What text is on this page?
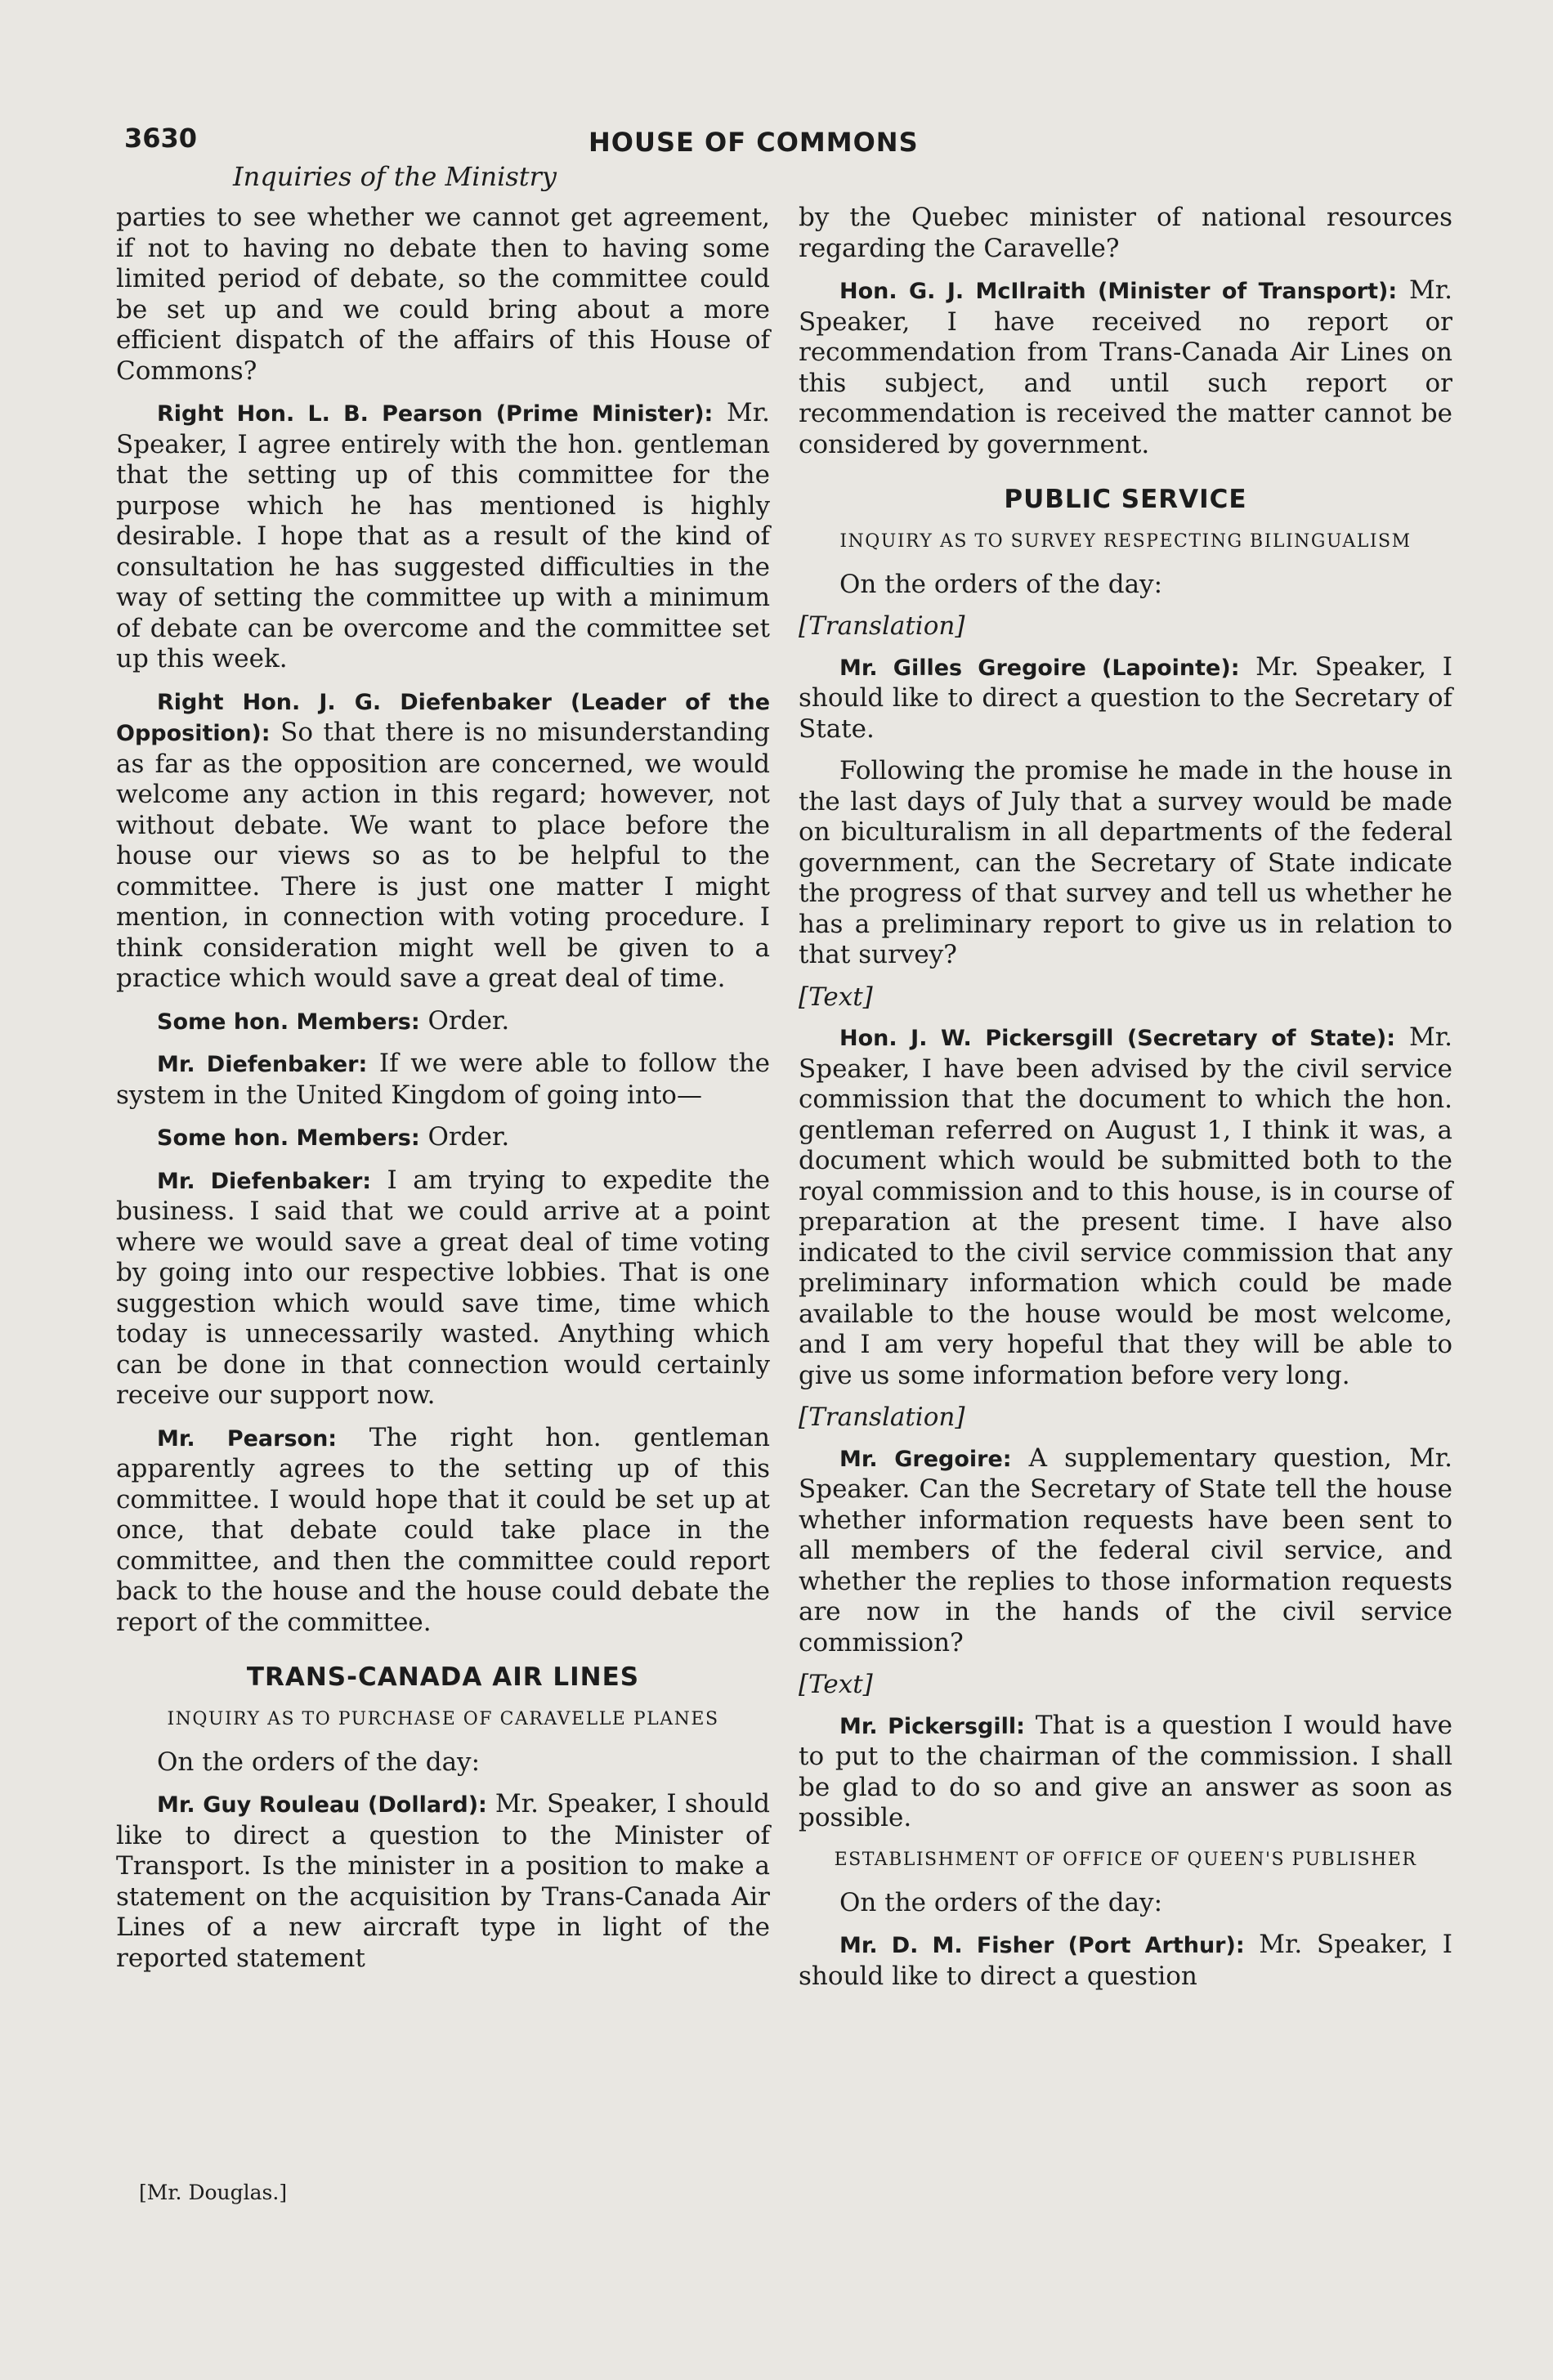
3630	HOUSE OF COMMONS
Inquiries of the Ministry

parties to see whether we cannot get agreement, if not to having no debate then to having some limited period of debate, so the committee could be set up and we could bring about a more efficient dispatch of the affairs of this House of Commons?

Right Hon. L. B. Pearson (Prime Minister): Mr. Speaker, I agree entirely with the hon. gentleman that the setting up of this committee for the purpose which he has mentioned is highly desirable. I hope that as a result of the kind of consultation he has suggested difficulties in the way of setting the committee up with a minimum of debate can be overcome and the committee set up this week.

Right Hon. J. G. Diefenbaker (Leader of the Opposition): So that there is no misunderstanding as far as the opposition are concerned, we would welcome any action in this regard; however, not without debate. We want to place before the house our views so as to be helpful to the committee. There is just one matter I might mention, in connection with voting procedure. I think consideration might well be given to a practice which would save a great deal of time.

Some hon. Members: Order.

Mr. Diefenbaker: If we were able to follow the system in the United Kingdom of going into—

Some hon. Members: Order.

Mr. Diefenbaker: I am trying to expedite the business. I said that we could arrive at a point where we would save a great deal of time voting by going into our respective lobbies. That is one suggestion which would save time, time which today is unnecessarily wasted. Anything which can be done in that connection would certainly receive our support now.

Mr. Pearson: The right hon. gentleman apparently agrees to the setting up of this committee. I would hope that it could be set up at once, that debate could take place in the committee, and then the committee could report back to the house and the house could debate the report of the committee.

TRANS-CANADA AIR LINES
INQUIRY AS TO PURCHASE OF CARAVELLE PLANES

On the orders of the day:

Mr. Guy Rouleau (Dollard): Mr. Speaker, I should like to direct a question to the Minister of Transport. Is the minister in a position to make a statement on the acquisition by Trans-Canada Air Lines of a new aircraft type in light of the reported statement

by the Quebec minister of national resources regarding the Caravelle?

Hon. G. J. McIlraith (Minister of Transport): Mr. Speaker, I have received no report or recommendation from Trans-Canada Air Lines on this subject, and until such report or recommendation is received the matter cannot be considered by government.

PUBLIC SERVICE
INQUIRY AS TO SURVEY RESPECTING BILINGUALISM

On the orders of the day:

[Translation]

Mr. Gilles Gregoire (Lapointe): Mr. Speaker, I should like to direct a question to the Secretary of State.

Following the promise he made in the house in the last days of July that a survey would be made on biculturalism in all departments of the federal government, can the Secretary of State indicate the progress of that survey and tell us whether he has a preliminary report to give us in relation to that survey?

[Text]

Hon. J. W. Pickersgill (Secretary of State): Mr. Speaker, I have been advised by the civil service commission that the document to which the hon. gentleman referred on August 1, I think it was, a document which would be submitted both to the royal commission and to this house, is in course of preparation at the present time. I have also indicated to the civil service commission that any preliminary information which could be made available to the house would be most welcome, and I am very hopeful that they will be able to give us some information before very long.

[Translation]

Mr. Gregoire: A supplementary question, Mr. Speaker. Can the Secretary of State tell the house whether information requests have been sent to all members of the federal civil service, and whether the replies to those information requests are now in the hands of the civil service commission?

[Text]

Mr. Pickersgill: That is a question I would have to put to the chairman of the commission. I shall be glad to do so and give an answer as soon as possible.

ESTABLISHMENT OF OFFICE OF QUEEN'S PUBLISHER

On the orders of the day:

Mr. D. M. Fisher (Port Arthur): Mr. Speaker, I should like to direct a question

[Mr. Douglas.]
